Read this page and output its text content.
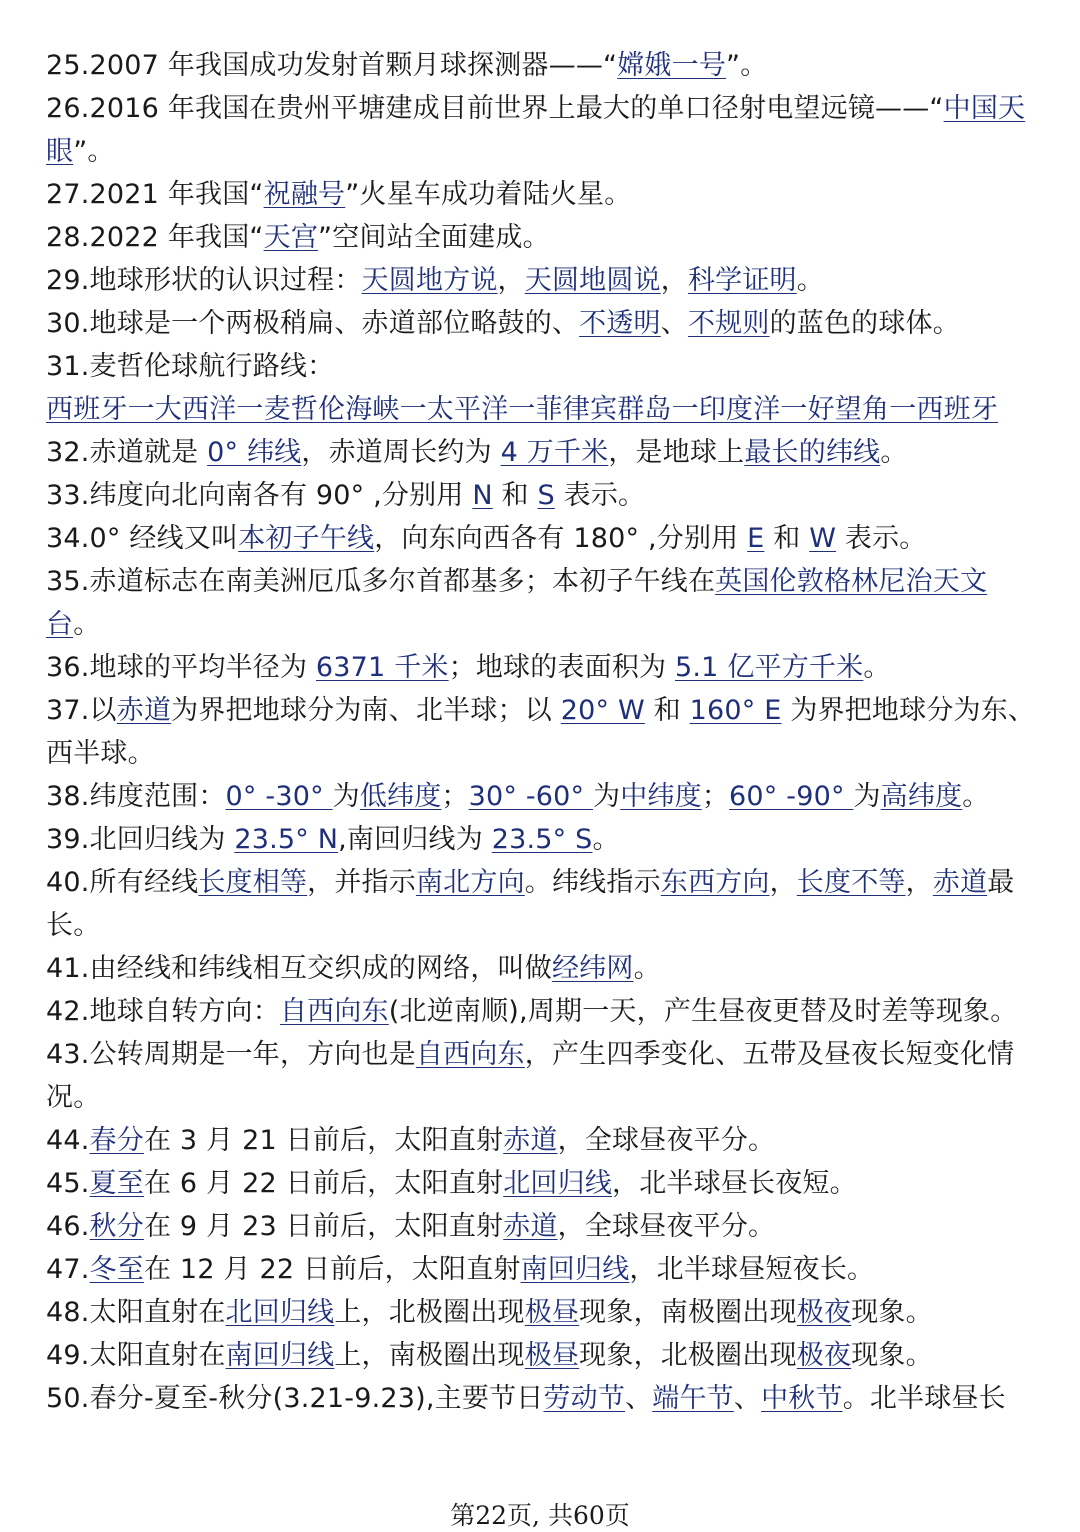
25.2007 年我国成功发射首颗月球探测器——“嫦娥一号”。

26.2016 年我国在贵州平塘建成目前世界上最大的单口径射电望远镜——“中国天眼”。

27.2021 年我国“祝融号”火星车成功着陆火星。

28.2022 年我国“天宫”空间站全面建成。

29.地球形状的认识过程：天圆地方说，天圆地圆说，科学证明。

30.地球是一个两极稍扁、赤道部位略鼓的、不透明、不规则的蓝色的球体。

31.麦哲伦球航行路线：

西班牙一大西洋一麦哲伦海峡一太平洋一菲律宾群岛一印度洋一好望角一西班牙

32.赤道就是 0° 纬线，赤道周长约为 4 万千米，是地球上最长的纬线。

33.纬度向北向南各有 90° ,分别用 N 和 S 表示。

34.0° 经线又叫本初子午线，向东向西各有 180° ,分别用 E 和 W 表示。

35.赤道标志在南美洲厄瓜多尔首都基多；本初子午线在英国伦敦格林尼治天文台。

36.地球的平均半径为 6371 千米；地球的表面积为 5.1 亿平方千米。

37.以赤道为界把地球分为南、北半球；以 20° W 和 160° E 为界把地球分为东、西半球。

38.纬度范围：0° -30° 为低纬度；30° -60° 为中纬度；60° -90° 为高纬度。

39.北回归线为 23.5° N,南回归线为 23.5° S。

40.所有经线长度相等，并指示南北方向。纬线指示东西方向，长度不等，赤道最长。

41.由经线和纬线相互交织成的网络，叫做经纬网。

42.地球自转方向：自西向东(北逆南顺),周期一天，产生昼夜更替及时差等现象。

43.公转周期是一年，方向也是自西向东，产生四季变化、五带及昼夜长短变化情况。

44.春分在 3 月 21 日前后，太阳直射赤道，全球昼夜平分。

45.夏至在 6 月 22 日前后，太阳直射北回归线，北半球昼长夜短。

46.秋分在 9 月 23 日前后，太阳直射赤道，全球昼夜平分。

47.冬至在 12 月 22 日前后，太阳直射南回归线，北半球昼短夜长。

48.太阳直射在北回归线上，北极圈出现极昼现象，南极圈出现极夜现象。

49.太阳直射在南回归线上，南极圈出现极昼现象，北极圈出现极夜现象。

50.春分-夏至-秋分(3.21-9.23),主要节日劳动节、端午节、中秋节。北半球昼长

第22页, 共60页
